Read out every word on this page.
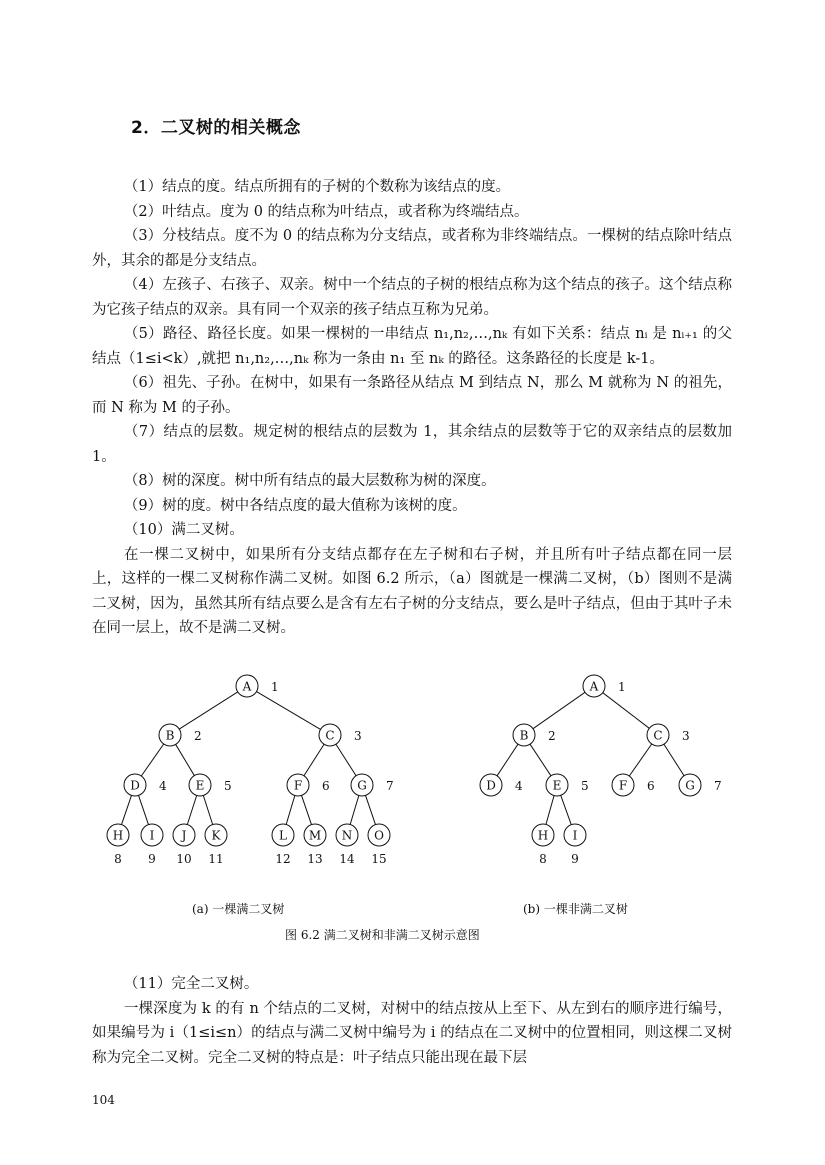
2．二叉树的相关概念

（1）结点的度。结点所拥有的子树的个数称为该结点的度。

（2）叶结点。度为 0 的结点称为叶结点，或者称为终端结点。

（3）分枝结点。度不为 0 的结点称为分支结点，或者称为非终端结点。一棵树的结点除叶结点外，其余的都是分支结点。

（4）左孩子、右孩子、双亲。树中一个结点的子树的根结点称为这个结点的孩子。这个结点称为它孩子结点的双亲。具有同一个双亲的孩子结点互称为兄弟。

（5）路径、路径长度。如果一棵树的一串结点 n₁,n₂,…,nₖ 有如下关系：结点 nᵢ 是 nᵢ₊₁ 的父结点（1≤i<k）,就把 n₁,n₂,…,nₖ 称为一条由 n₁ 至 nₖ 的路径。这条路径的长度是 k-1。

（6）祖先、子孙。在树中，如果有一条路径从结点 M 到结点 N，那么 M 就称为 N 的祖先，而 N 称为 M 的子孙。

（7）结点的层数。规定树的根结点的层数为 1，其余结点的层数等于它的双亲结点的层数加 1。

（8）树的深度。树中所有结点的最大层数称为树的深度。

（9）树的度。树中各结点度的最大值称为该树的度。

（10）满二叉树。

在一棵二叉树中，如果所有分支结点都存在左子树和右子树，并且所有叶子结点都在同一层上，这样的一棵二叉树称作满二叉树。如图 6.2 所示，（a）图就是一棵满二叉树，（b）图则不是满二叉树，因为，虽然其所有结点要么是含有左右子树的分支结点，要么是叶子结点，但由于其叶子未在同一层上，故不是满二叉树。

A 1
B 2	C 3
D 4 E 5	F 6 G 7
H
8
I
9
J
10
K
11
L
12
M
13
N
14
O
15
A 1
B 2	C 3
D 4 E 5	F 6	G 7
H
8
I
9
(a) 一棵满二叉树	(b) 一棵非满二叉树
图 6.2 满二叉树和非满二叉树示意图

（11）完全二叉树。

一棵深度为 k 的有 n 个结点的二叉树，对树中的结点按从上至下、从左到右的顺序进行编号，如果编号为 i（1≤i≤n）的结点与满二叉树中编号为 i 的结点在二叉树中的位置相同，则这棵二叉树称为完全二叉树。完全二叉树的特点是：叶子结点只能出现在最下层

104
